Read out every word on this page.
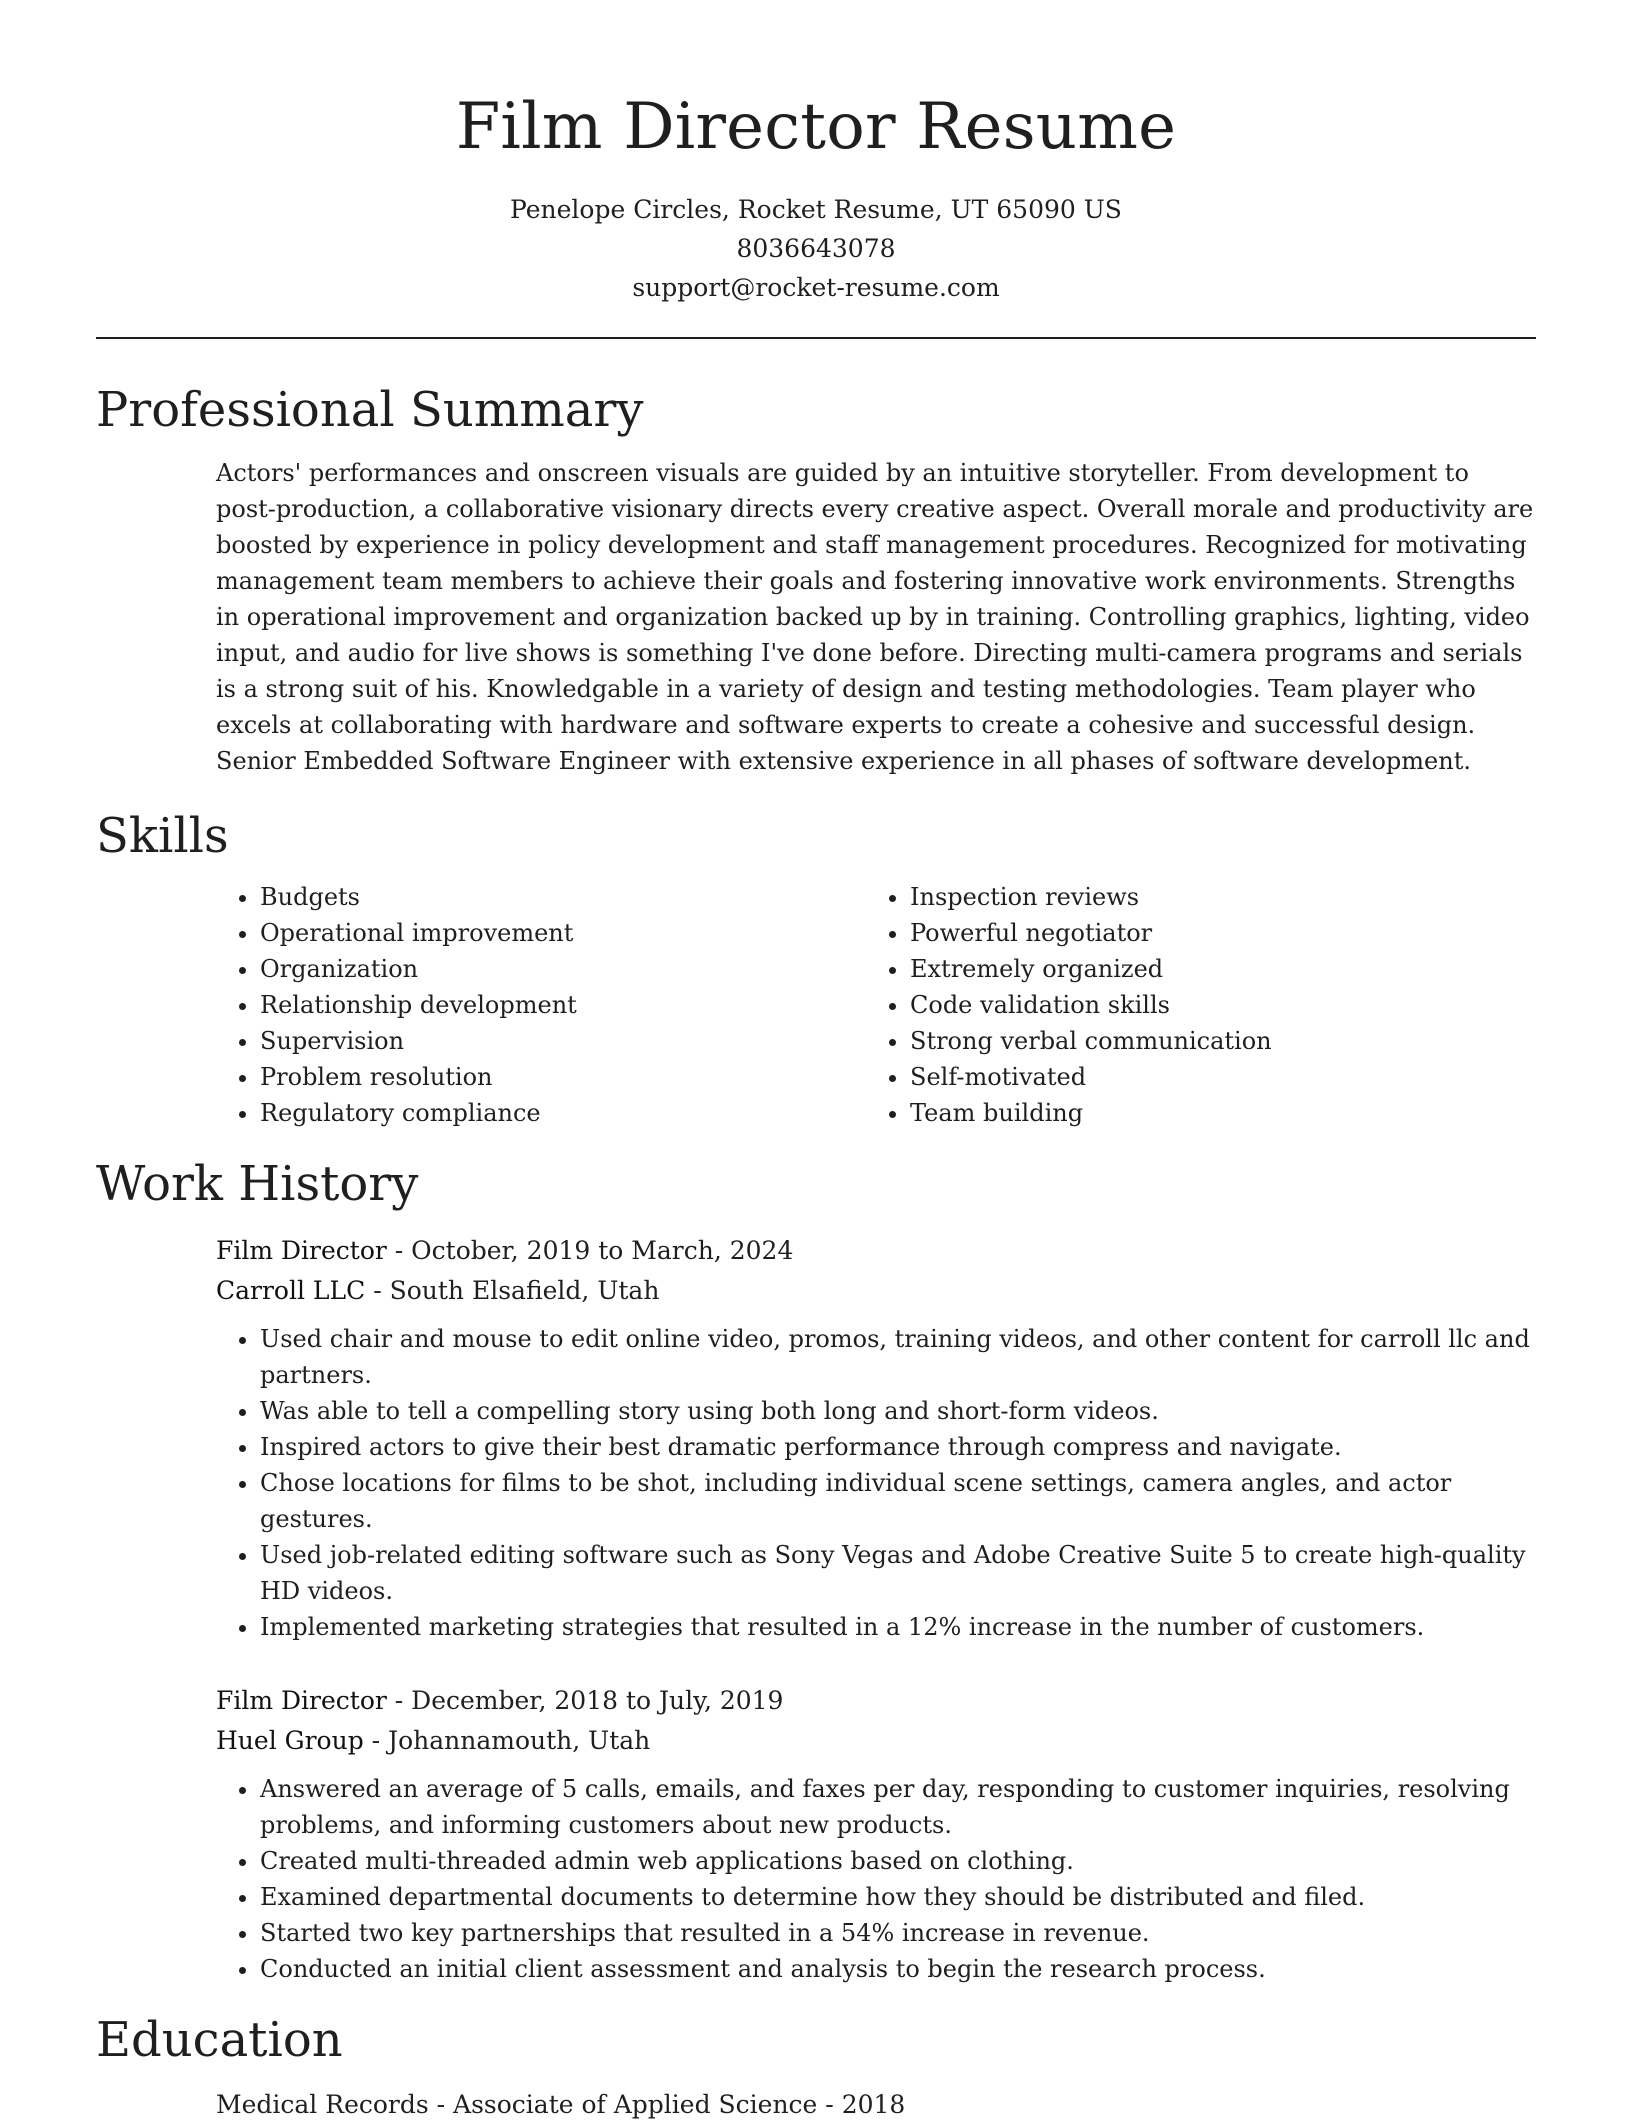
Film Director Resume
Penelope Circles, Rocket Resume, UT 65090 US
8036643078
support@rocket-resume.com
Professional Summary

Actors' performances and onscreen visuals are guided by an intuitive storyteller. From development to post-production, a collaborative visionary directs every creative aspect. Overall morale and productivity are boosted by experience in policy development and staff management procedures. Recognized for motivating management team members to achieve their goals and fostering innovative work environments. Strengths in operational improvement and organization backed up by in training. Controlling graphics, lighting, video input, and audio for live shows is something I've done before. Directing multi-camera programs and serials is a strong suit of his. Knowledgable in a variety of design and testing methodologies. Team player who excels at collaborating with hardware and software experts to create a cohesive and successful design. Senior Embedded Software Engineer with extensive experience in all phases of software development.

Skills
• Budgets
• Operational improvement
• Organization
• Relationship development
• Supervision
• Problem resolution
• Regulatory compliance
• Inspection reviews
• Powerful negotiator
• Extremely organized
• Code validation skills
• Strong verbal communication
• Self-motivated
• Team building
Work History
Film Director - October, 2019 to March, 2024
Carroll LLC - South Elsafield, Utah
• Used chair and mouse to edit online video, promos, training videos, and other content for carroll llc and partners.
• Was able to tell a compelling story using both long and short-form videos.
• Inspired actors to give their best dramatic performance through compress and navigate.
• Chose locations for films to be shot, including individual scene settings, camera angles, and actor gestures.
• Used job-related editing software such as Sony Vegas and Adobe Creative Suite 5 to create high-quality HD videos.
• Implemented marketing strategies that resulted in a 12% increase in the number of customers.
Film Director - December, 2018 to July, 2019
Huel Group - Johannamouth, Utah
• Answered an average of 5 calls, emails, and faxes per day, responding to customer inquiries, resolving problems, and informing customers about new products.
• Created multi-threaded admin web applications based on clothing.
• Examined departmental documents to determine how they should be distributed and filed.
• Started two key partnerships that resulted in a 54% increase in revenue.
• Conducted an initial client assessment and analysis to begin the research process.
Education
Medical Records - Associate of Applied Science - 2018
